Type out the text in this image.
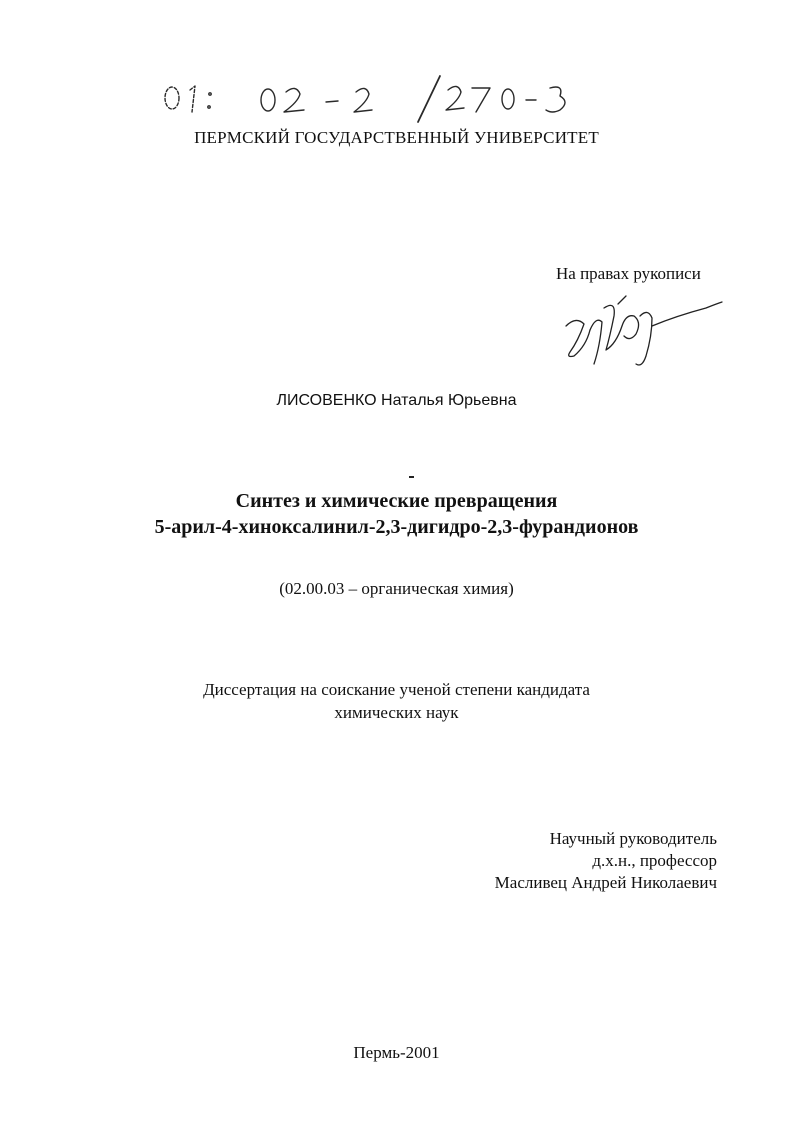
ПЕРМСКИЙ ГОСУДАРСТВЕННЫЙ УНИВЕРСИТЕТ
На правах рукописи
ЛИСОВЕНКО Наталья Юрьевна
Синтез и химические превращения
5-арил-4-хиноксалинил-2,3-дигидро-2,3-фурандионов
(02.00.03 – органическая химия)
Диссертация на соискание ученой степени кандидата
химических наук
Научный руководитель
д.х.н., профессор
Масливец Андрей Николаевич
Пермь-2001
